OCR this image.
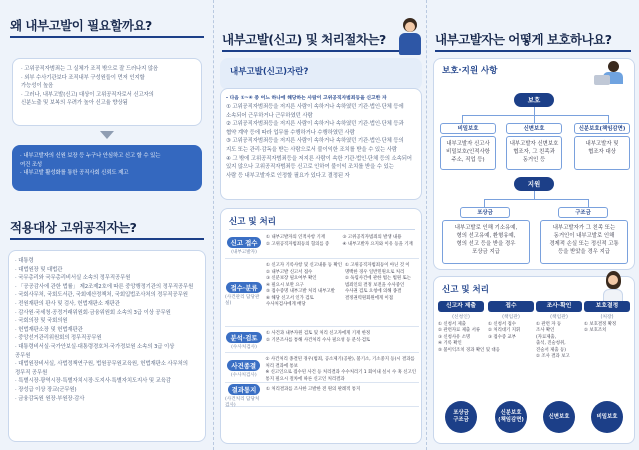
왜 내부고발이 필요할까요?
· 고위공직자범죄는 그 실체가 조직 밖으로 잘 드러나지 않음
· 외부 수사기관보다 조직내부 구성원들이 먼저 인지할
가능성이 높음
· 그러나, 내부고발(신고) 대상이 고위공직자로서 신고자의
신분노출 및 보복의 우려가 높아 신고율 향상됨
· 내부고발자의 신원 보장 등 누구나 안심하고 신고 할 수 있는
여건 조성
· 내부고발 활성화를 통한 공직사회 신뢰도 제고
적용대상 고위공직자는?
· 대통령
· 대법원장 및 대법관
· 국무총리와 국무총리비서실 소속의 정무직공무원
· 「공공감사에 관한 법률」 제2조제2호에 따른 중앙행정기관의 정무직공무원
· 국회사무처, 국회도서관, 국회예산정책처, 국회입법조사처의 정무직공무원
· 전원재판의 판사 및 검사, 헌법재판소 재판관
· 감사원·국세청·공정거래위원회·금융위원회 소속의 3급 이상 공무원
· 국회의장 및 국회의원
· 헌법재판소장 및 헌법재판관
· 중앙선거관리위원회의 정무직공무원
· 대통령비서실·국가안보실·대통령경호처·국가정보원 소속의 3급 이상
공무원
· 대법원장비서실, 사법정책연구원, 법원공무원교육원, 헌법재판소 사무처의
정무직 공무원
· 특별시장·광역시장·특별자치시장·도지사·특별자치도지사 및 교육감
· 장성급 이상 장교(군무원)
· 금융감독원 원장·부원장·감사
내부고발(신고) 및 처리절차는?
내부고발(신고)자란?
- 다음 ①~④ 중 어느 하나에 해당하는 사람이 고위공직자범죄등을 신고한 자
① 고위공직자범죄등을 저지른 사람이 속하거나 속하였던 기관·법인·단체 등에
소속되어 근무하거나 근무하였던 사람
② 고위공직자범죄등을 저지른 사람이 속하거나 속하였던 기관·법인·단체 등과
협약 계약 등에 따라 업무를 수행하거나 수행하였던 사람
③ 고위공직자범죄등을 저지른 사람이 속하거나 속하였던 기관·법인·단체 등의
지도 또는 관리·감독을 받는 사람으로서 불이익한 조치를 받을 수 있는 사람
④ 그 밖에 고위공직자범죄등을 저지른 사람이 속한 기관·법인·단체 등의 소속되어
있지 않으나 고위공직자범죄등 신고로 인하여 불이익 조치를 받을 수 있는
사람 등 내부고발자로 인정할 필요가 있다고 결정된 자
신고 및 처리
신고 접수
(내부고발자)
① 내부고발자의 인적사항 기재
② 고위공직자범죄등의 혐의를 증
③ 고위공직자범죄의 발생 내용
④ 내부고발자 요지와 이유 등을 기재
접수·분류
(사건관리 담당관실)
① 신고자 기록사항 및 신고내용 등 확인
② 내부고발 신고서 접수
③ 신분보장 필요여부 확인
④ 필요시 보완 요구
⑤ 접수증명 내부고발 처리 내부고발
⑥ 해당 신고서 인가 검토
수사처검사에게 배당
① 고위공직자범죄등이 아닌 것 이
명백한 경우 일반민원으로 처리
② 독립사건에 관한 법는 법원 또는
범죄인의 결정 보전을 수사중인
수사권 검토 요청에 의해 종결
결정권력원회원에게 이첩
분석·검토
(수사처검사)
① 사건과 내부자원 검토 및 처리 신고자에게 기재 한정
② 기본조사를 통해 사건처리 수사 필요성 등 분석·검토
사건종결
(수사처검사)
① 사건처리 종결된 경우(범죄, 공소제기(공판), 불기소, 기소중지 등)시 결과를
처리 결과에 통보
※ 신고인으로 접수된 사건 등 처리결과 수수처리기 1 회이내 실시 수 혹 신고인
통지 필요시 절차에 따른 신고인 처리결과
결과통지
(사건처리 담당처검사)
① 처리결과를 조사한 고발한 전 원의 판례적 통지
내부고발자는 어떻게 보호하나요?
보호·지원 사항
보호
비밀보호
내부고발자 신고사
비밀보호(인적사항
주소, 직업 등)
신변보호
내부고발자 신변보호
협조자, 그 친족과
동거인 등
신분보호(책임감면)
내부고발자 및
협조자 대상
지원
포상금
내부고발로 인해 기소유예,
형의 선고유예, 환형유예,
형의 선고 등을 받을 경우
포상금 지급
구조금
내부고발자가 그 친족 또는
동거인이 내부고발로 인해
경제적 손실 또는 정신적 고통
등을 받았을 경우 지급
신고 및 처리
신고자 제출
(신청인)
① 신청서 제출
② 관련자료 제출 서류
③ 신청사유 소명
④ 기록 확인
⑤ 불이익조치 경과 확인 및 대응
접수
(책임관)
① 신청서 접수
② 처리대기 지휘
③ 접수증 교부
조사·확인
(책임관)
① 관련 자 등
조사 확인
(자료제출,
출석, 진술청취,
진술서 제출 등)
② 조사 결과 보고
보호결정
(처장)
① 보호결정 확정
② 보호조치
포상금
구조금
신분보호
(책임감면)
신변보호	비밀보호
